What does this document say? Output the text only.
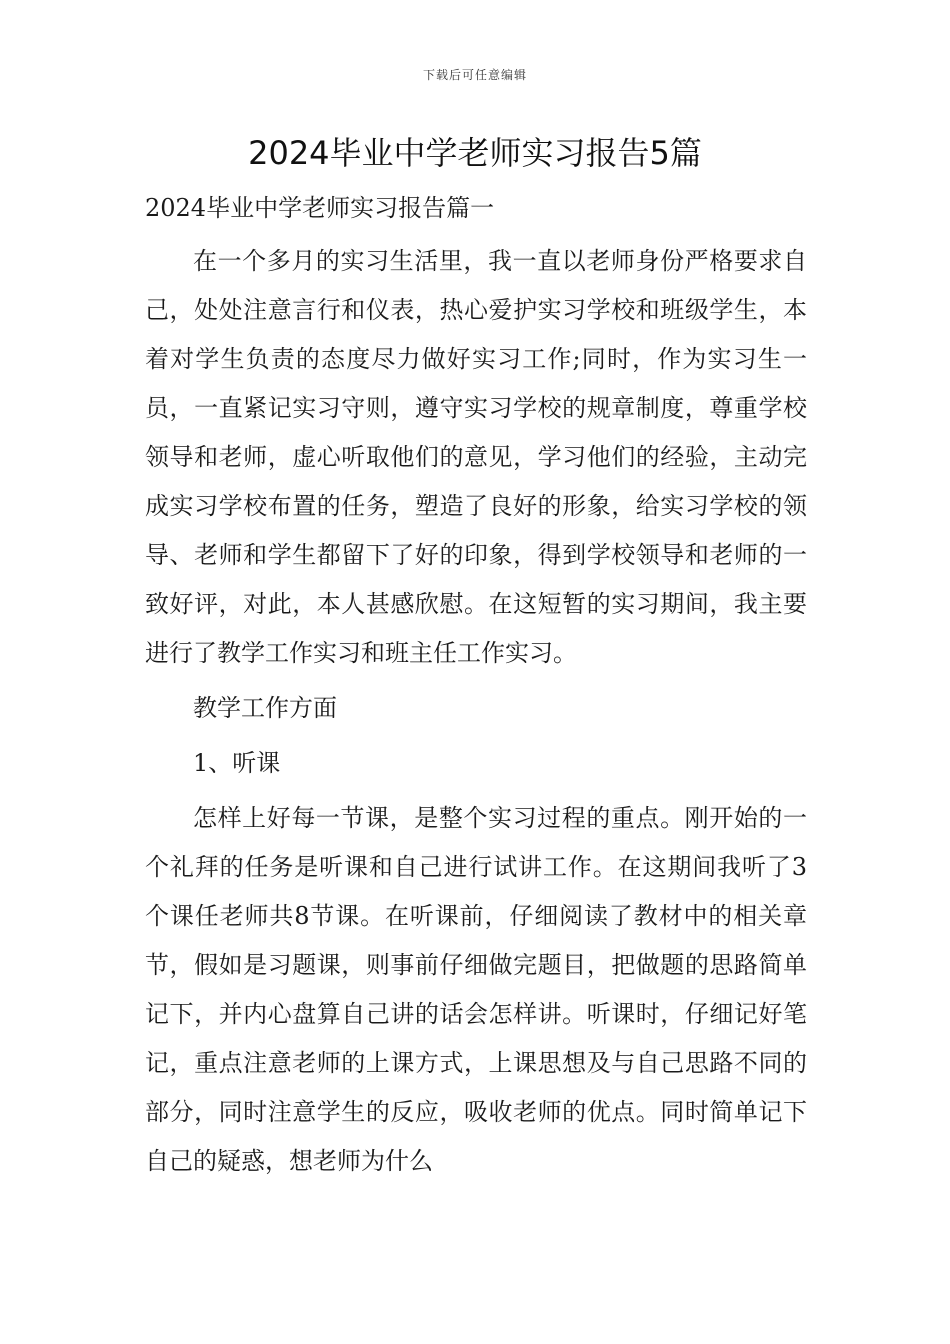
下载后可任意编辑
2024毕业中学老师实习报告5篇

2024毕业中学老师实习报告篇一

在一个多月的实习生活里，我一直以老师身份严格要求自己，处处注意言行和仪表，热心爱护实习学校和班级学生，本着对学生负责的态度尽力做好实习工作;同时，作为实习生一员，一直紧记实习守则，遵守实习学校的规章制度，尊重学校领导和老师，虚心听取他们的意见，学习他们的经验，主动完成实习学校布置的任务，塑造了良好的形象，给实习学校的领导、老师和学生都留下了好的印象，得到学校领导和老师的一致好评，对此，本人甚感欣慰。在这短暂的实习期间，我主要进行了教学工作实习和班主任工作实习。

教学工作方面

1、听课

怎样上好每一节课，是整个实习过程的重点。刚开始的一个礼拜的任务是听课和自己进行试讲工作。在这期间我听了3个课任老师共8节课。在听课前，仔细阅读了教材中的相关章节，假如是习题课，则事前仔细做完题目，把做题的思路简单记下，并内心盘算自己讲的话会怎样讲。听课时，仔细记好笔记，重点注意老师的上课方式，上课思想及与自己思路不同的部分，同时注意学生的反应，吸收老师的优点。同时简单记下自己的疑惑，想老师为什么
